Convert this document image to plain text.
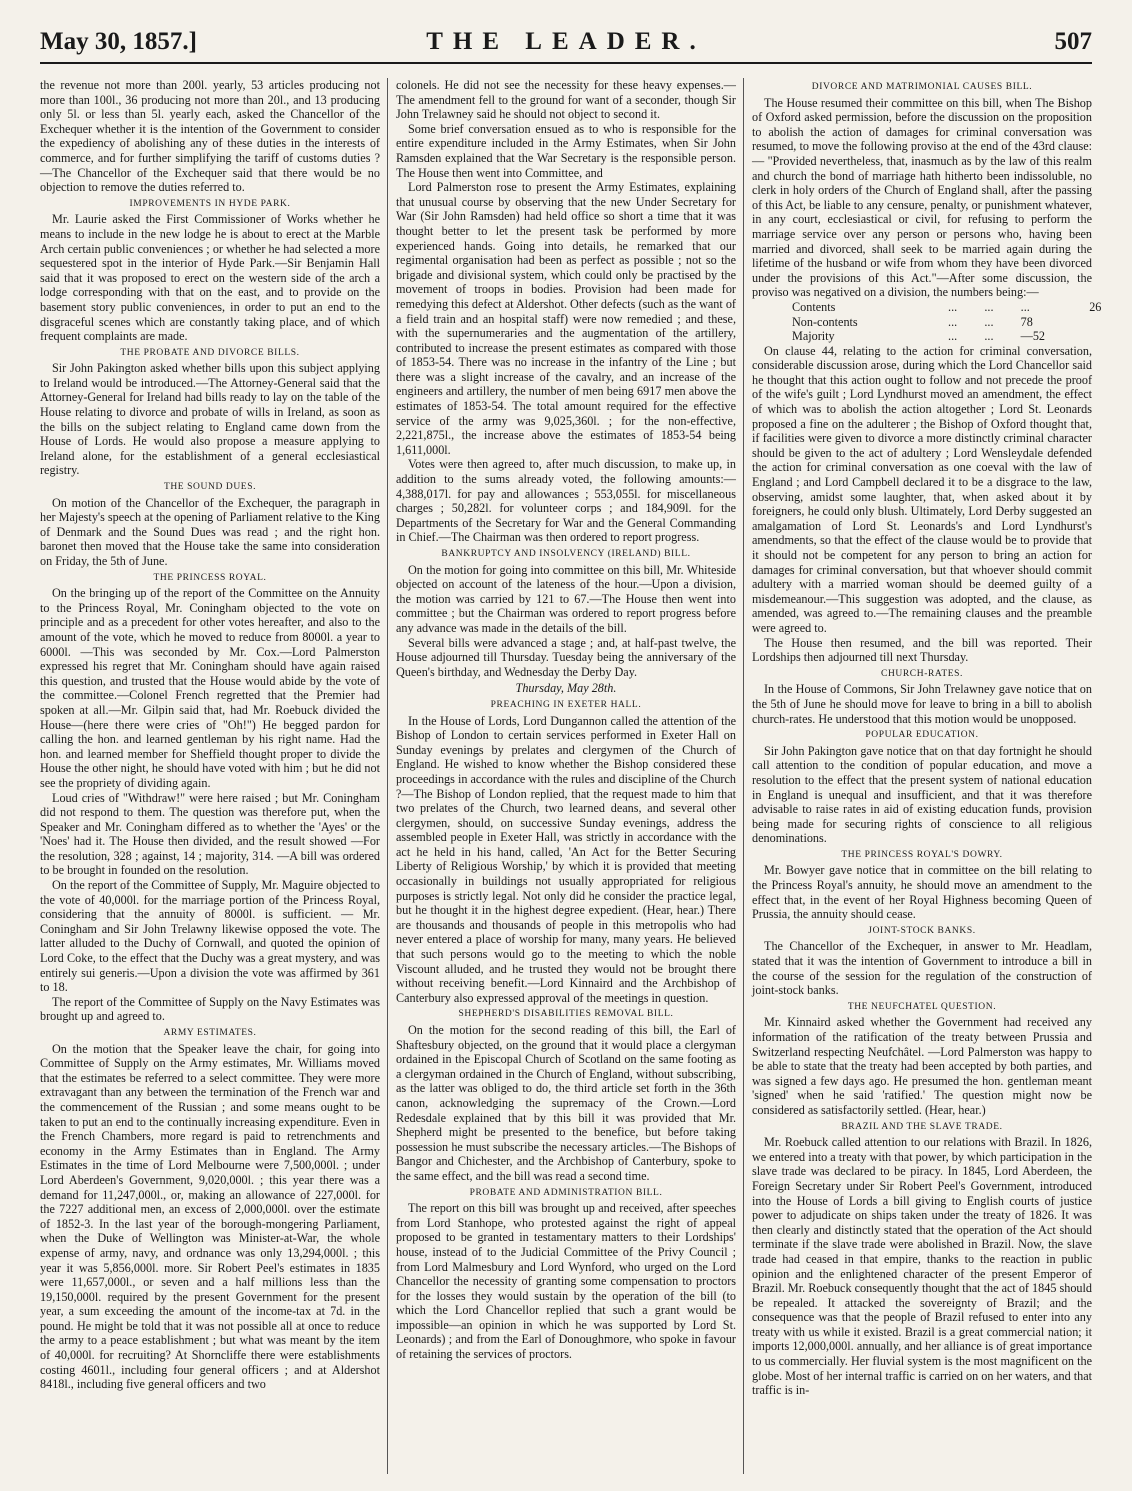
May 30, 1857.]	THE LEADER.	507

the revenue not more than 200l. yearly, 53 articles producing not more than 100l., 36 producing not more than 20l., and 13 producing only 5l. or less than 5l. yearly each, asked the Chancellor of the Exchequer whether it is the intention of the Government to consider the expediency of abolishing any of these duties in the interests of commerce, and for further simplifying the tariff of customs duties ?—The Chancellor of the Exchequer said that there would be no objection to remove the duties referred to.

IMPROVEMENTS IN HYDE PARK.

Mr. Laurie asked the First Commissioner of Works whether he means to include in the new lodge he is about to erect at the Marble Arch certain public conveniences ; or whether he had selected a more sequestered spot in the interior of Hyde Park.—Sir Benjamin Hall said that it was proposed to erect on the western side of the arch a lodge corresponding with that on the east, and to provide on the basement story public conveniences, in order to put an end to the disgraceful scenes which are constantly taking place, and of which frequent complaints are made.

THE PROBATE AND DIVORCE BILLS.

Sir John Pakington asked whether bills upon this subject applying to Ireland would be introduced.—The Attorney-General said that the Attorney-General for Ireland had bills ready to lay on the table of the House relating to divorce and probate of wills in Ireland, as soon as the bills on the subject relating to England came down from the House of Lords. He would also propose a measure applying to Ireland alone, for the establishment of a general ecclesiastical registry.

THE SOUND DUES.

On motion of the Chancellor of the Exchequer, the paragraph in her Majesty's speech at the opening of Parliament relative to the King of Denmark and the Sound Dues was read ; and the right hon. baronet then moved that the House take the same into consideration on Friday, the 5th of June.

THE PRINCESS ROYAL.

On the bringing up of the report of the Committee on the Annuity to the Princess Royal, Mr. Coningham objected to the vote on principle and as a precedent for other votes hereafter, and also to the amount of the vote, which he moved to reduce from 8000l. a year to 6000l. —This was seconded by Mr. Cox.—Lord Palmerston expressed his regret that Mr. Coningham should have again raised this question, and trusted that the House would abide by the vote of the committee.—Colonel French regretted that the Premier had spoken at all.—Mr. Gilpin said that, had Mr. Roebuck divided the House—(here there were cries of "Oh!") He begged pardon for calling the hon. and learned gentleman by his right name. Had the hon. and learned member for Sheffield thought proper to divide the House the other night, he should have voted with him ; but he did not see the propriety of dividing again.

Loud cries of "Withdraw!" were here raised ; but Mr. Coningham did not respond to them. The question was therefore put, when the Speaker and Mr. Coningham differed as to whether the 'Ayes' or the 'Noes' had it. The House then divided, and the result showed —For the resolution, 328 ; against, 14 ; majority, 314. —A bill was ordered to be brought in founded on the resolution.

On the report of the Committee of Supply, Mr. Maguire objected to the vote of 40,000l. for the marriage portion of the Princess Royal, considering that the annuity of 8000l. is sufficient. — Mr. Coningham and Sir John Trelawny likewise opposed the vote. The latter alluded to the Duchy of Cornwall, and quoted the opinion of Lord Coke, to the effect that the Duchy was a great mystery, and was entirely sui generis.—Upon a division the vote was affirmed by 361 to 18.

The report of the Committee of Supply on the Navy Estimates was brought up and agreed to.

ARMY ESTIMATES.

On the motion that the Speaker leave the chair, for going into Committee of Supply on the Army estimates, Mr. Williams moved that the estimates be referred to a select committee. They were more extravagant than any between the termination of the French war and the commencement of the Russian ; and some means ought to be taken to put an end to the continually increasing expenditure. Even in the French Chambers, more regard is paid to retrenchments and economy in the Army Estimates than in England. The Army Estimates in the time of Lord Melbourne were 7,500,000l. ; under Lord Aberdeen's Government, 9,020,000l. ; this year there was a demand for 11,247,000l., or, making an allowance of 227,000l. for the 7227 additional men, an excess of 2,000,000l. over the estimate of 1852-3. In the last year of the borough-mongering Parliament, when the Duke of Wellington was Minister-at-War, the whole expense of army, navy, and ordnance was only 13,294,000l. ; this year it was 5,856,000l. more. Sir Robert Peel's estimates in 1835 were 11,657,000l., or seven and a half millions less than the 19,150,000l. required by the present Government for the present year, a sum exceeding the amount of the income-tax at 7d. in the pound. He might be told that it was not possible all at once to reduce the army to a peace establishment ; but what was meant by the item of 40,000l. for recruiting? At Shorncliffe there were establishments costing 4601l., including four general officers ; and at Aldershot 8418l., including five general officers and two

colonels. He did not see the necessity for these heavy expenses.—The amendment fell to the ground for want of a seconder, though Sir John Trelawney said he should not object to second it.

Some brief conversation ensued as to who is responsible for the entire expenditure included in the Army Estimates, when Sir John Ramsden explained that the War Secretary is the responsible person. The House then went into Committee, and

Lord Palmerston rose to present the Army Estimates, explaining that unusual course by observing that the new Under Secretary for War (Sir John Ramsden) had held office so short a time that it was thought better to let the present task be performed by more experienced hands. Going into details, he remarked that our regimental organisation had been as perfect as possible ; not so the brigade and divisional system, which could only be practised by the movement of troops in bodies. Provision had been made for remedying this defect at Aldershot. Other defects (such as the want of a field train and an hospital staff) were now remedied ; and these, with the supernumeraries and the augmentation of the artillery, contributed to increase the present estimates as compared with those of 1853-54. There was no increase in the infantry of the Line ; but there was a slight increase of the cavalry, and an increase of the engineers and artillery, the number of men being 6917 men above the estimates of 1853-54. The total amount required for the effective service of the army was 9,025,360l. ; for the non-effective, 2,221,875l., the increase above the estimates of 1853-54 being 1,611,000l.

Votes were then agreed to, after much discussion, to make up, in addition to the sums already voted, the following amounts:—4,388,017l. for pay and allowances ; 553,055l. for miscellaneous charges ; 50,282l. for volunteer corps ; and 184,909l. for the Departments of the Secretary for War and the General Commanding in Chief.—The Chairman was then ordered to report progress.

BANKRUPTCY AND INSOLVENCY (IRELAND) BILL.

On the motion for going into committee on this bill, Mr. Whiteside objected on account of the lateness of the hour.—Upon a division, the motion was carried by 121 to 67.—The House then went into committee ; but the Chairman was ordered to report progress before any advance was made in the details of the bill.

Several bills were advanced a stage ; and, at half-past twelve, the House adjourned till Thursday. Tuesday being the anniversary of the Queen's birthday, and Wednesday the Derby Day.

Thursday, May 28th.

PREACHING IN EXETER HALL.

In the House of Lords, Lord Dungannon called the attention of the Bishop of London to certain services performed in Exeter Hall on Sunday evenings by prelates and clergymen of the Church of England. He wished to know whether the Bishop considered these proceedings in accordance with the rules and discipline of the Church ?—The Bishop of London replied, that the request made to him that two prelates of the Church, two learned deans, and several other clergymen, should, on successive Sunday evenings, address the assembled people in Exeter Hall, was strictly in accordance with the act he held in his hand, called, 'An Act for the Better Securing Liberty of Religious Worship,' by which it is provided that meeting occasionally in buildings not usually appropriated for religious purposes is strictly legal. Not only did he consider the practice legal, but he thought it in the highest degree expedient. (Hear, hear.) There are thousands and thousands of people in this metropolis who had never entered a place of worship for many, many years. He believed that such persons would go to the meeting to which the noble Viscount alluded, and he trusted they would not be brought there without receiving benefit.—Lord Kinnaird and the Archbishop of Canterbury also expressed approval of the meetings in question.

SHEPHERD'S DISABILITIES REMOVAL BILL.

On the motion for the second reading of this bill, the Earl of Shaftesbury objected, on the ground that it would place a clergyman ordained in the Episcopal Church of Scotland on the same footing as a clergyman ordained in the Church of England, without subscribing, as the latter was obliged to do, the third article set forth in the 36th canon, acknowledging the supremacy of the Crown.—Lord Redesdale explained that by this bill it was provided that Mr. Shepherd might be presented to the benefice, but before taking possession he must subscribe the necessary articles.—The Bishops of Bangor and Chichester, and the Archbishop of Canterbury, spoke to the same effect, and the bill was read a second time.

PROBATE AND ADMINISTRATION BILL.

The report on this bill was brought up and received, after speeches from Lord Stanhope, who protested against the right of appeal proposed to be granted in testamentary matters to their Lordships' house, instead of to the Judicial Committee of the Privy Council ; from Lord Malmesbury and Lord Wynford, who urged on the Lord Chancellor the necessity of granting some compensation to proctors for the losses they would sustain by the operation of the bill (to which the Lord Chancellor replied that such a grant would be impossible—an opinion in which he was supported by Lord St. Leonards) ; and from the Earl of Donoughmore, who spoke in favour of retaining the services of proctors.

DIVORCE AND MATRIMONIAL CAUSES BILL.

The House resumed their committee on this bill, when The Bishop of Oxford asked permission, before the discussion on the proposition to abolish the action of damages for criminal conversation was resumed, to move the following proviso at the end of the 43rd clause:— "Provided nevertheless, that, inasmuch as by the law of this realm and church the bond of marriage hath hitherto been indissoluble, no clerk in holy orders of the Church of England shall, after the passing of this Act, be liable to any censure, penalty, or punishment whatever, in any court, ecclesiastical or civil, for refusing to perform the marriage service over any person or persons who, having been married and divorced, shall seek to be married again during the lifetime of the husband or wife from whom they have been divorced under the provisions of this Act."—After some discussion, the proviso was negatived on a division, the numbers being:—

Contents	...	...	...	26
Non-contents	...	...	78	
Majority	...	...	—52	

On clause 44, relating to the action for criminal conversation, considerable discussion arose, during which the Lord Chancellor said he thought that this action ought to follow and not precede the proof of the wife's guilt ; Lord Lyndhurst moved an amendment, the effect of which was to abolish the action altogether ; Lord St. Leonards proposed a fine on the adulterer ; the Bishop of Oxford thought that, if facilities were given to divorce a more distinctly criminal character should be given to the act of adultery ; Lord Wensleydale defended the action for criminal conversation as one coeval with the law of England ; and Lord Campbell declared it to be a disgrace to the law, observing, amidst some laughter, that, when asked about it by foreigners, he could only blush. Ultimately, Lord Derby suggested an amalgamation of Lord St. Leonards's and Lord Lyndhurst's amendments, so that the effect of the clause would be to provide that it should not be competent for any person to bring an action for damages for criminal conversation, but that whoever should commit adultery with a married woman should be deemed guilty of a misdemeanour.—This suggestion was adopted, and the clause, as amended, was agreed to.—The remaining clauses and the preamble were agreed to.

The House then resumed, and the bill was reported. Their Lordships then adjourned till next Thursday.

CHURCH-RATES.

In the House of Commons, Sir John Trelawney gave notice that on the 5th of June he should move for leave to bring in a bill to abolish church-rates. He understood that this motion would be unopposed.

POPULAR EDUCATION.

Sir John Pakington gave notice that on that day fortnight he should call attention to the condition of popular education, and move a resolution to the effect that the present system of national education in England is unequal and insufficient, and that it was therefore advisable to raise rates in aid of existing education funds, provision being made for securing rights of conscience to all religious denominations.

THE PRINCESS ROYAL'S DOWRY.

Mr. Bowyer gave notice that in committee on the bill relating to the Princess Royal's annuity, he should move an amendment to the effect that, in the event of her Royal Highness becoming Queen of Prussia, the annuity should cease.

JOINT-STOCK BANKS.

The Chancellor of the Exchequer, in answer to Mr. Headlam, stated that it was the intention of Government to introduce a bill in the course of the session for the regulation of the construction of joint-stock banks.

THE NEUFCHATEL QUESTION.

Mr. Kinnaird asked whether the Government had received any information of the ratification of the treaty between Prussia and Switzerland respecting Neufchâtel. —Lord Palmerston was happy to be able to state that the treaty had been accepted by both parties, and was signed a few days ago. He presumed the hon. gentleman meant 'signed' when he said 'ratified.' The question might now be considered as satisfactorily settled. (Hear, hear.)

BRAZIL AND THE SLAVE TRADE.

Mr. Roebuck called attention to our relations with Brazil. In 1826, we entered into a treaty with that power, by which participation in the slave trade was declared to be piracy. In 1845, Lord Aberdeen, the Foreign Secretary under Sir Robert Peel's Government, introduced into the House of Lords a bill giving to English courts of justice power to adjudicate on ships taken under the treaty of 1826. It was then clearly and distinctly stated that the operation of the Act should terminate if the slave trade were abolished in Brazil. Now, the slave trade had ceased in that empire, thanks to the reaction in public opinion and the enlightened character of the present Emperor of Brazil. Mr. Roebuck consequently thought that the act of 1845 should be repealed. It attacked the sovereignty of Brazil; and the consequence was that the people of Brazil refused to enter into any treaty with us while it existed. Brazil is a great commercial nation; it imports 12,000,000l. annually, and her alliance is of great importance to us commercially. Her fluvial system is the most magnificent on the globe. Most of her internal traffic is carried on on her waters, and that traffic is in-
